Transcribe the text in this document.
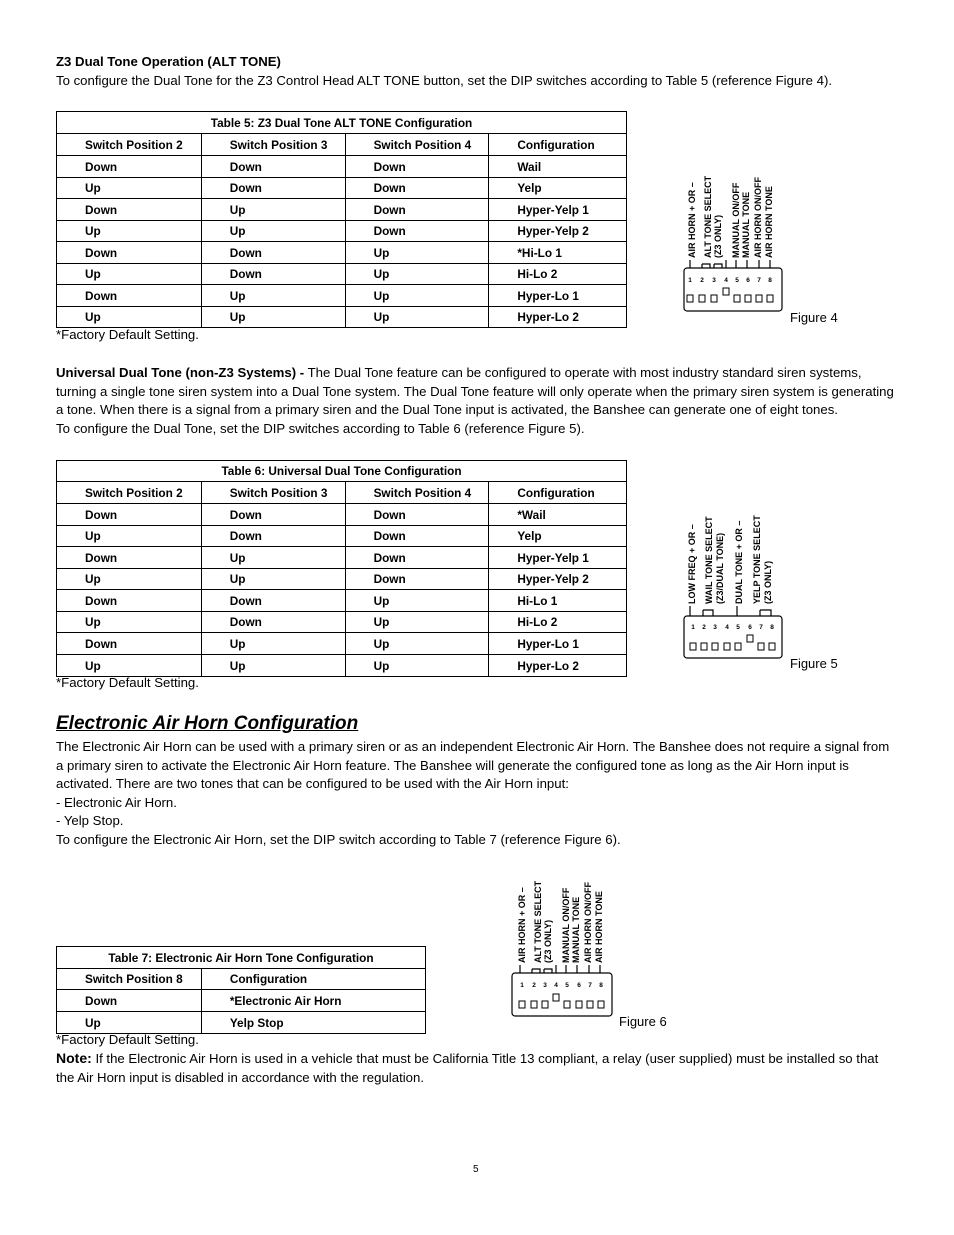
Z3 Dual Tone Operation (ALT TONE)
To configure the Dual Tone for the Z3 Control Head ALT TONE button, set the DIP switches according to Table 5 (reference Figure 4).
Table 5: Z3 Dual Tone ALT TONE Configuration			
Switch Position 2	Switch Position 3	Switch Position 4	Configuration
Down	Down	Down	Wail
Up	Down	Down	Yelp
Down	Up	Down	Hyper-Yelp 1
Up	Up	Down	Hyper-Yelp 2
Down	Down	Up	*Hi-Lo 1
Up	Down	Up	Hi-Lo 2
Down	Up	Up	Hyper-Lo 1
Up	Up	Up	Hyper-Lo 2
*Factory Default Setting.
AIR HORN + OR – ALT TONE SELECT (Z3 ONLY) MANUAL ON/OFF MANUAL TONE AIR HORN ON/OFF AIR HORN TONE
1 2 3 4 5 6 7 8
Figure 4
Universal Dual Tone (non-Z3 Systems) - The Dual Tone feature can be configured to operate with most industry standard siren systems, turning a single tone siren system into a Dual Tone system. The Dual Tone feature will only operate when the primary siren system is generating a tone. When there is a signal from a primary siren and the Dual Tone input is activated, the Banshee can generate one of eight tones.
To configure the Dual Tone, set the DIP switches according to Table 6 (reference Figure 5).
Table 6: Universal Dual Tone Configuration			
Switch Position 2	Switch Position 3	Switch Position 4	Configuration
Down	Down	Down	*Wail
Up	Down	Down	Yelp
Down	Up	Down	Hyper-Yelp 1
Up	Up	Down	Hyper-Yelp 2
Down	Down	Up	Hi-Lo 1
Up	Down	Up	Hi-Lo 2
Down	Up	Up	Hyper-Lo 1
Up	Up	Up	Hyper-Lo 2
*Factory Default Setting.
LOW FREQ + OR – WAIL TONE SELECT (Z3/DUAL TONE) DUAL TONE + OR – YELP TONE SELECT (Z3 ONLY)
1 2 3 4 5 6 7 8
Figure 5
Electronic Air Horn Configuration
The Electronic Air Horn can be used with a primary siren or as an independent Electronic Air Horn. The Banshee does not require a signal from a primary siren to activate the Electronic Air Horn feature. The Banshee will generate the configured tone as long as the Air Horn input is activated. There are two tones that can be configured to be used with the Air Horn input:
- Electronic Air Horn.
- Yelp Stop.
To configure the Electronic Air Horn, set the DIP switch according to Table 7 (reference Figure 6).
Table 7: Electronic Air Horn Tone Configuration	
Switch Position 8	Configuration
Down	*Electronic Air Horn
Up	Yelp Stop
*Factory Default Setting.
AIR HORN + OR – ALT TONE SELECT (Z3 ONLY) MANUAL ON/OFF MANUAL TONE AIR HORN ON/OFF AIR HORN TONE
1 2 3 4 5 6 7 8
Figure 6
Note: If the Electronic Air Horn is used in a vehicle that must be California Title 13 compliant, a relay (user supplied) must be installed so that the Air Horn input is disabled in accordance with the regulation.
5
